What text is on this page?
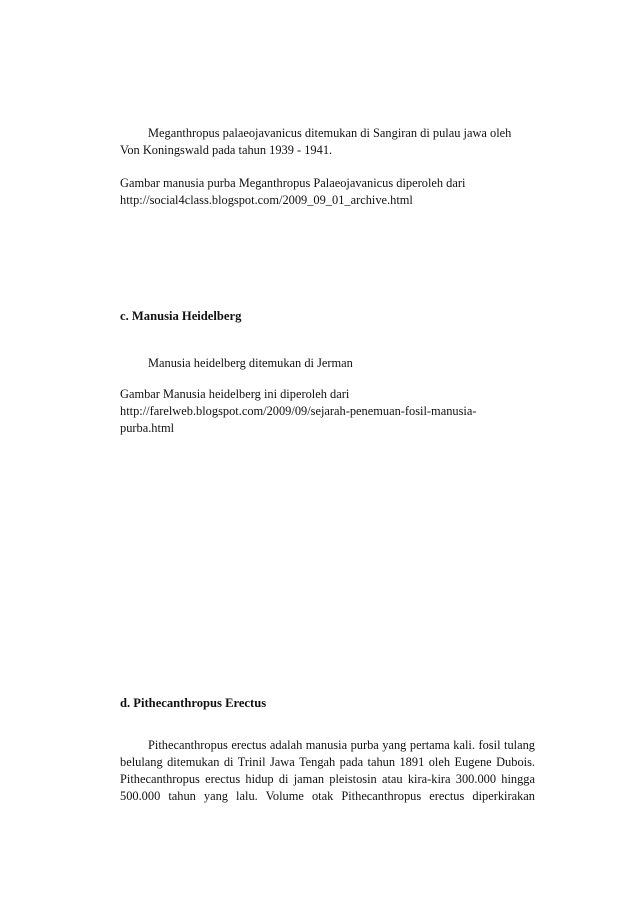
Meganthropus palaeojavanicus ditemukan di Sangiran di pulau jawa oleh
Von Koningswald pada tahun 1939 - 1941.
Gambar manusia purba Meganthropus Palaeojavanicus diperoleh dari
http://social4class.blogspot.com/2009_09_01_archive.html
c. Manusia Heidelberg
Manusia heidelberg ditemukan di Jerman
Gambar Manusia heidelberg ini diperoleh dari
http://farelweb.blogspot.com/2009/09/sejarah-penemuan-fosil-manusia-
purba.html
d. Pithecanthropus Erectus
Pithecanthropus erectus adalah manusia purba yang pertama kali. fosil tulang
belulang ditemukan di Trinil Jawa Tengah pada tahun 1891 oleh Eugene Dubois.
Pithecanthropus erectus hidup di jaman pleistosin atau kira-kira 300.000 hingga
500.000 tahun yang lalu. Volume otak Pithecanthropus erectus diperkirakan
